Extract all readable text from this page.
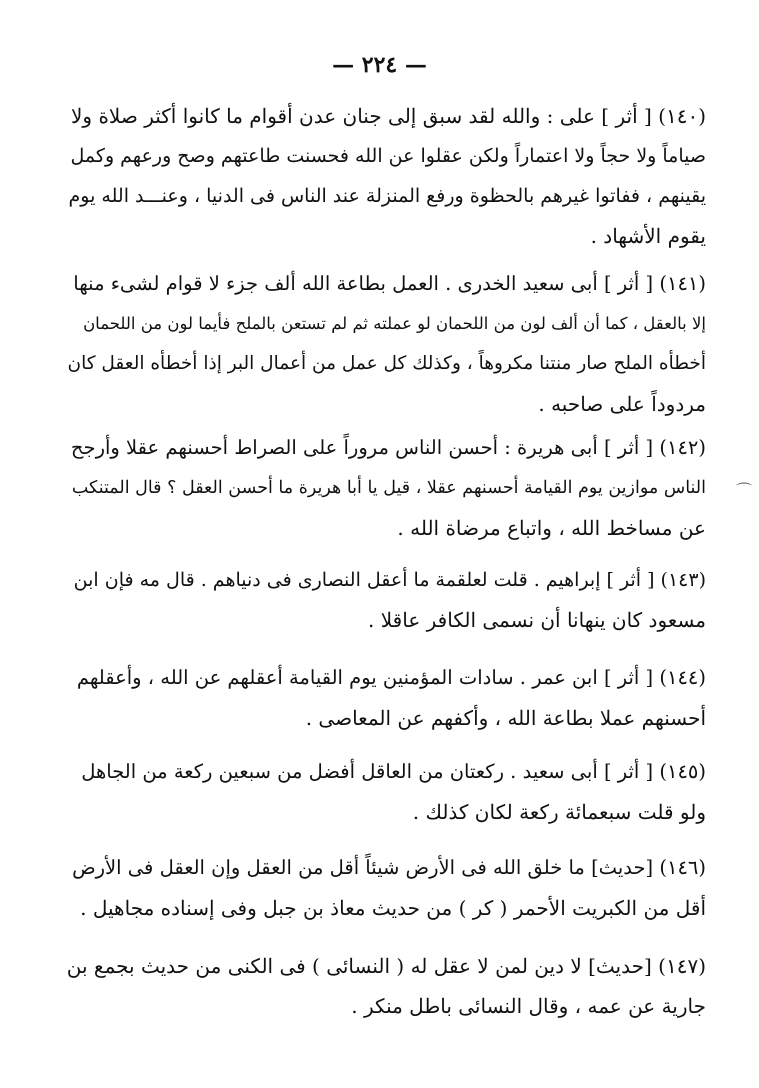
— ٢٢٤ —
(١٤٠) [ أثر ] على : والله لقد سبق إلى جنان عدن أقوام ما كانوا أكثر صلاة ولا
صياماً ولا حجاً ولا اعتماراً ولكن عقلوا عن الله فحسنت طاعتهم وصح ورعهم وكمل
يقينهم ، ففاتوا غيرهم بالحظوة ورفع المنزلة عند الناس فى الدنيا ، وعنـــد الله يوم
يقوم الأشهاد .
(١٤١) [ أثر ] أبى سعيد الخدرى . العمل بطاعة الله ألف جزء لا قوام لشىء منها
إلا بالعقل ، كما أن ألف لون من اللحمان لو عملته ثم لم تستعن بالملح فأيما لون من اللحمان
أخطأه الملح صار منتنا مكروهاً ، وكذلك كل عمل من أعمال البر إذا أخطأه العقل كان
مردوداً على صاحبه .
(١٤٢) [ أثر ] أبى هريرة : أحسن الناس مروراً على الصراط أحسنهم عقلا وأرجح
الناس موازين يوم القيامة أحسنهم عقلا ، قيل يا أبا هريرة ما أحسن العقل ؟ قال المتنكب
عن مساخط الله ، واتباع مرضاة الله .
(١٤٣) [ أثر ] إبراهيم . قلت لعلقمة ما أعقل النصارى فى دنياهم . قال مه فإن ابن
مسعود كان ينهانا أن نسمى الكافر عاقلا .
(١٤٤) [ أثر ] ابن عمر . سادات المؤمنين يوم القيامة أعقلهم عن الله ، وأعقلهم
أحسنهم عملا بطاعة الله ، وأكفهم عن المعاصى .
(١٤٥) [ أثر ] أبى سعيد . ركعتان من العاقل أفضل من سبعين ركعة من الجاهل
ولو قلت سبعمائة ركعة لكان كذلك .
(١٤٦) [حديث] ما خلق الله فى الأرض شيئاً أقل من العقل وإن العقل فى الأرض
أقل من الكبريت الأحمر ( كر ) من حديث معاذ بن جبل وفى إسناده مجاهيل .
(١٤٧) [حديث] لا دين لمن لا عقل له ( النسائى ) فى الكنى من حديث بجمع بن
جارية عن عمه ، وقال النسائى باطل منكر .
⌒
